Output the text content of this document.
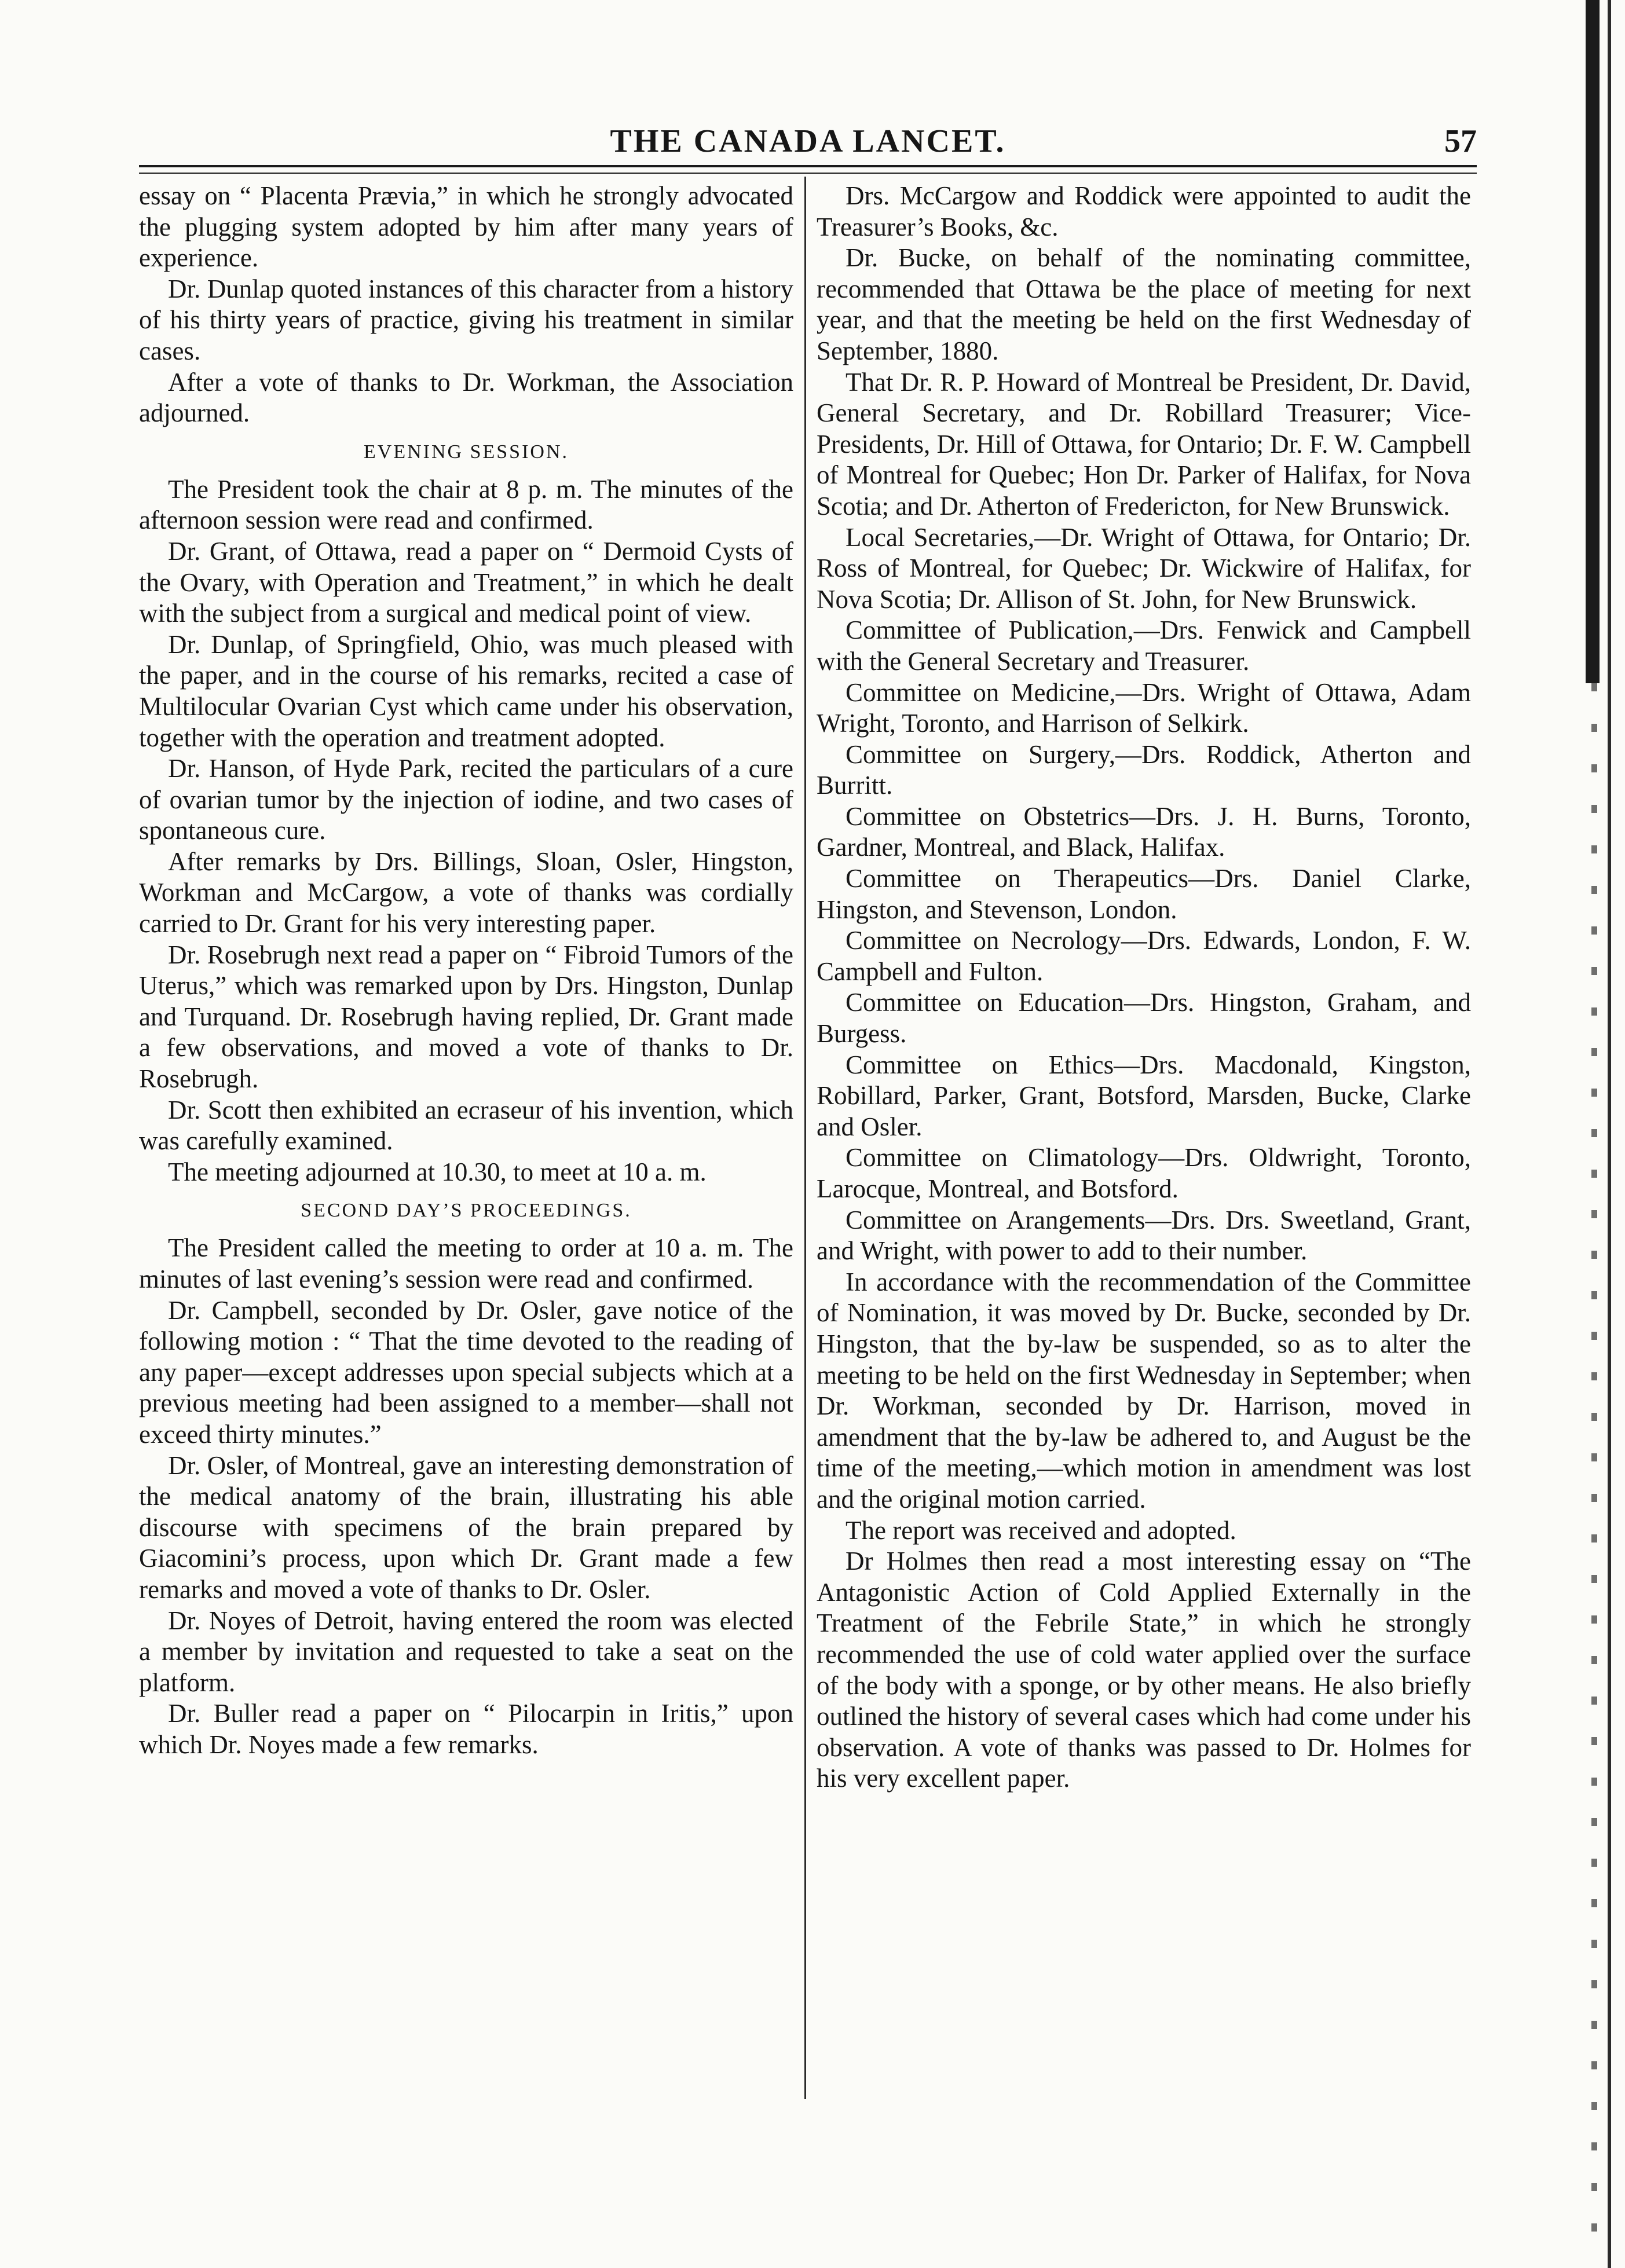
THE CANADA LANCET.	57

essay on “ Placenta Prævia,” in which he strongly advocated the plugging system adopted by him after many years of experience.

Dr. Dunlap quoted instances of this character from a history of his thirty years of practice, giving his treatment in similar cases.

After a vote of thanks to Dr. Workman, the Association adjourned.

EVENING SESSION.

The President took the chair at 8 p. m. The minutes of the afternoon session were read and confirmed.

Dr. Grant, of Ottawa, read a paper on “ Dermoid Cysts of the Ovary, with Operation and Treatment,” in which he dealt with the subject from a surgical and medical point of view.

Dr. Dunlap, of Springfield, Ohio, was much pleased with the paper, and in the course of his remarks, recited a case of Multilocular Ovarian Cyst which came under his observation, together with the operation and treatment adopted.

Dr. Hanson, of Hyde Park, recited the particulars of a cure of ovarian tumor by the injection of iodine, and two cases of spontaneous cure.

After remarks by Drs. Billings, Sloan, Osler, Hingston, Workman and McCargow, a vote of thanks was cordially carried to Dr. Grant for his very interesting paper.

Dr. Rosebrugh next read a paper on “ Fibroid Tumors of the Uterus,” which was remarked upon by Drs. Hingston, Dunlap and Turquand. Dr. Rosebrugh having replied, Dr. Grant made a few observations, and moved a vote of thanks to Dr. Rosebrugh.

Dr. Scott then exhibited an ecraseur of his invention, which was carefully examined.

The meeting adjourned at 10.30, to meet at 10 a. m.

SECOND DAY’S PROCEEDINGS.

The President called the meeting to order at 10 a. m. The minutes of last evening’s session were read and confirmed.

Dr. Campbell, seconded by Dr. Osler, gave notice of the following motion : “ That the time devoted to the reading of any paper—except addresses upon special subjects which at a previous meeting had been assigned to a member—shall not exceed thirty minutes.”

Dr. Osler, of Montreal, gave an interesting demonstration of the medical anatomy of the brain, illustrating his able discourse with specimens of the brain prepared by Giacomini’s process, upon which Dr. Grant made a few remarks and moved a vote of thanks to Dr. Osler.

Dr. Noyes of Detroit, having entered the room was elected a member by invitation and requested to take a seat on the platform.

Dr. Buller read a paper on “ Pilocarpin in Iritis,” upon which Dr. Noyes made a few remarks.

Drs. McCargow and Roddick were appointed to audit the Treasurer’s Books, &c.

Dr. Bucke, on behalf of the nominating committee, recommended that Ottawa be the place of meeting for next year, and that the meeting be held on the first Wednesday of September, 1880.

That Dr. R. P. Howard of Montreal be President, Dr. David, General Secretary, and Dr. Robillard Treasurer; Vice-Presidents, Dr. Hill of Ottawa, for Ontario; Dr. F. W. Campbell of Montreal for Quebec; Hon Dr. Parker of Halifax, for Nova Scotia; and Dr. Atherton of Fredericton, for New Brunswick.

Local Secretaries,—Dr. Wright of Ottawa, for Ontario; Dr. Ross of Montreal, for Quebec; Dr. Wickwire of Halifax, for Nova Scotia; Dr. Allison of St. John, for New Brunswick.

Committee of Publication,—Drs. Fenwick and Campbell with the General Secretary and Treasurer.

Committee on Medicine,—Drs. Wright of Ottawa, Adam Wright, Toronto, and Harrison of Selkirk.

Committee on Surgery,—Drs. Roddick, Atherton and Burritt.

Committee on Obstetrics—Drs. J. H. Burns, Toronto, Gardner, Montreal, and Black, Halifax.

Committee on Therapeutics—Drs. Daniel Clarke, Hingston, and Stevenson, London.

Committee on Necrology—Drs. Edwards, London, F. W. Campbell and Fulton.

Committee on Education—Drs. Hingston, Graham, and Burgess.

Committee on Ethics—Drs. Macdonald, Kingston, Robillard, Parker, Grant, Botsford, Marsden, Bucke, Clarke and Osler.

Committee on Climatology—Drs. Oldwright, Toronto, Larocque, Montreal, and Botsford.

Committee on Arangements—Drs. Drs. Sweetland, Grant, and Wright, with power to add to their number.

In accordance with the recommendation of the Committee of Nomination, it was moved by Dr. Bucke, seconded by Dr. Hingston, that the by-law be suspended, so as to alter the meeting to be held on the first Wednesday in September; when Dr. Workman, seconded by Dr. Harrison, moved in amendment that the by-law be adhered to, and August be the time of the meeting,—which motion in amendment was lost and the original motion carried.

The report was received and adopted.

Dr Holmes then read a most interesting essay on “The Antagonistic Action of Cold Applied Externally in the Treatment of the Febrile State,” in which he strongly recommended the use of cold water applied over the surface of the body with a sponge, or by other means. He also briefly outlined the history of several cases which had come under his observation. A vote of thanks was passed to Dr. Holmes for his very excellent paper.
